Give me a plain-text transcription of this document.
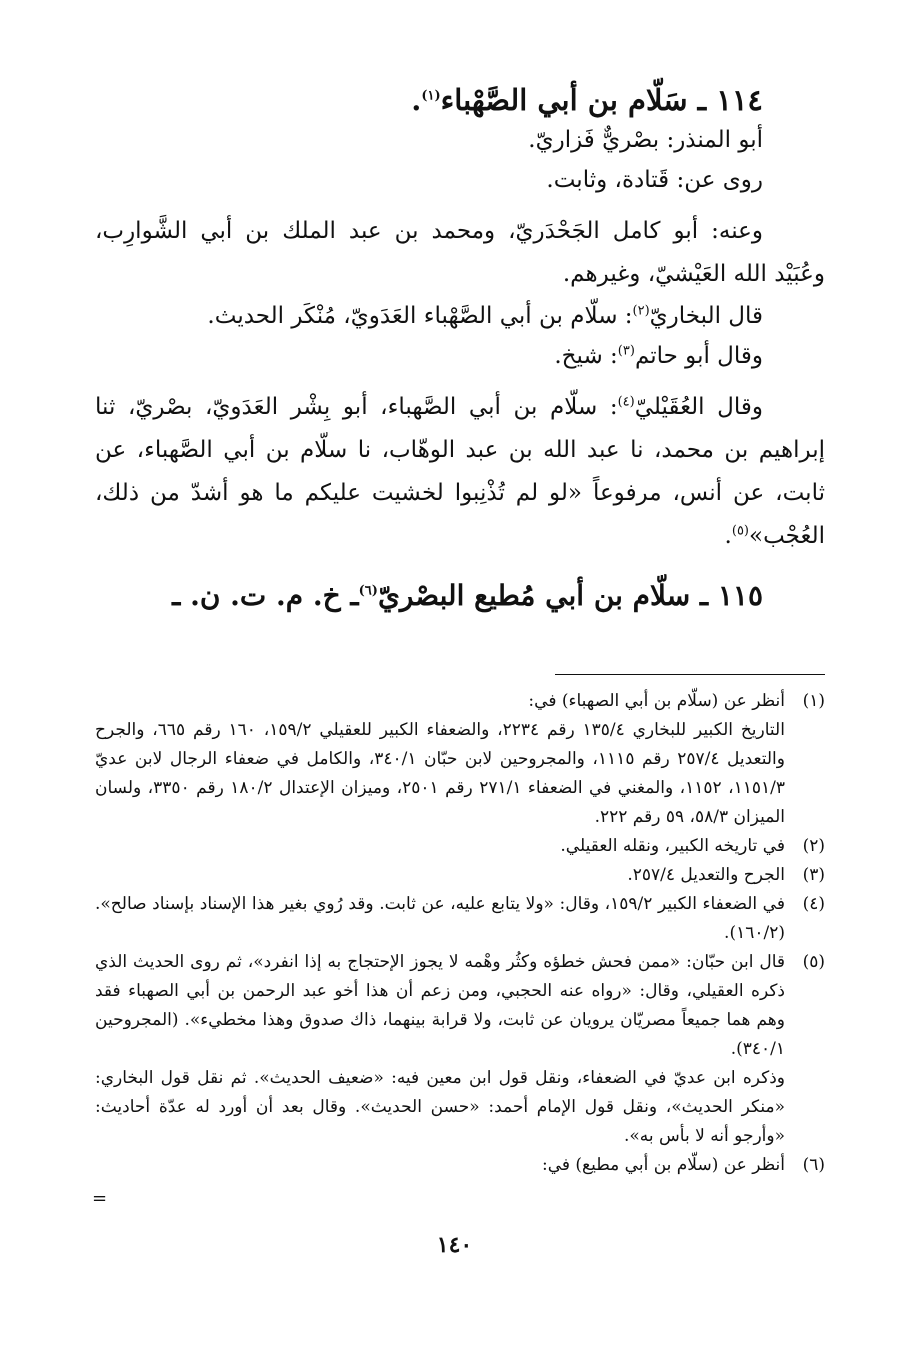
١١٤ ـ سَلّام بن أبي الصَّهْباء$^{(١)}$.
أبو المنذر: بصْريٌّ فَزاريّ.
روى عن: قَتادة، وثابت.
وعنه: أبو كامل الجَحْدَريّ، ومحمد بن عبد الملك بن أبي الشَّوارِب، وعُبَيْد الله العَيْشيّ، وغيرهم.
قال البخاريّ$^{(٢)}$: سلّام بن أبي الصَّهْباء العَدَويّ، مُنْكَر الحديث.
وقال أبو حاتم$^{(٣)}$: شيخ.
وقال العُقَيْليّ$^{(٤)}$: سلّام بن أبي الصَّهباء، أبو بِشْر العَدَويّ، بصْريّ، ثنا إبراهيم بن محمد، نا عبد الله بن عبد الوهّاب، نا سلّام بن أبي الصَّهباء، عن ثابت، عن أنس، مرفوعاً «لو لم تُذْنِبوا لخشيت عليكم ما هو أشدّ من ذلك، العُجْب»$^{(٥)}$.
١١٥ ـ سلّام بن أبي مُطيع البصْريّ$^{(٦)}$ـ خ. م. ت. ن. ـ
(١)
أنظر عن (سلّام بن أبي الصهباء) في:
التاريخ الكبير للبخاري ١٣٥/٤ رقم ٢٢٣٤، والضعفاء الكبير للعقيلي ١٥٩/٢، ١٦٠ رقم ٦٦٥، والجرح والتعديل ٢٥٧/٤ رقم ١١١٥، والمجروحين لابن حبّان ٣٤٠/١، والكامل في ضعفاء الرجال لابن عديّ ١١٥١/٣، ١١٥٢، والمغني في الضعفاء ٢٧١/١ رقم ٢٥٠١، وميزان الإعتدال ١٨٠/٢ رقم ٣٣٥٠، ولسان الميزان ٥٨/٣، ٥٩ رقم ٢٢٢.
(٢)
في تاريخه الكبير، ونقله العقيلي.
(٣)
الجرح والتعديل ٢٥٧/٤.
(٤)
في الضعفاء الكبير ١٥٩/٢، وقال: «ولا يتابع عليه، عن ثابت. وقد رُوي بغير هذا الإسناد بإسناد صالح». (١٦٠/٢).
(٥)
قال ابن حبّان: «ممن فحش خطؤه وكثُر وهْمه لا يجوز الإحتجاج به إذا انفرد»، ثم روى الحديث الذي ذكره العقيلي، وقال: «رواه عنه الحجبي، ومن زعم أن هذا أخو عبد الرحمن بن أبي الصهباء فقد وهم هما جميعاً مصريّان يرويان عن ثابت، ولا قرابة بينهما، ذاك صدوق وهذا مخطيء». (المجروحين ٣٤٠/١).
وذكره ابن عديّ في الضعفاء، ونقل قول ابن معين فيه: «ضعيف الحديث». ثم نقل قول البخاري: «منكر الحديث»، ونقل قول الإمام أحمد: «حسن الحديث». وقال بعد أن أورد له عدّة أحاديث: «وأرجو أنه لا بأس به».
(٦)
أنظر عن (سلّام بن أبي مطيع) في:
=
١٤٠
